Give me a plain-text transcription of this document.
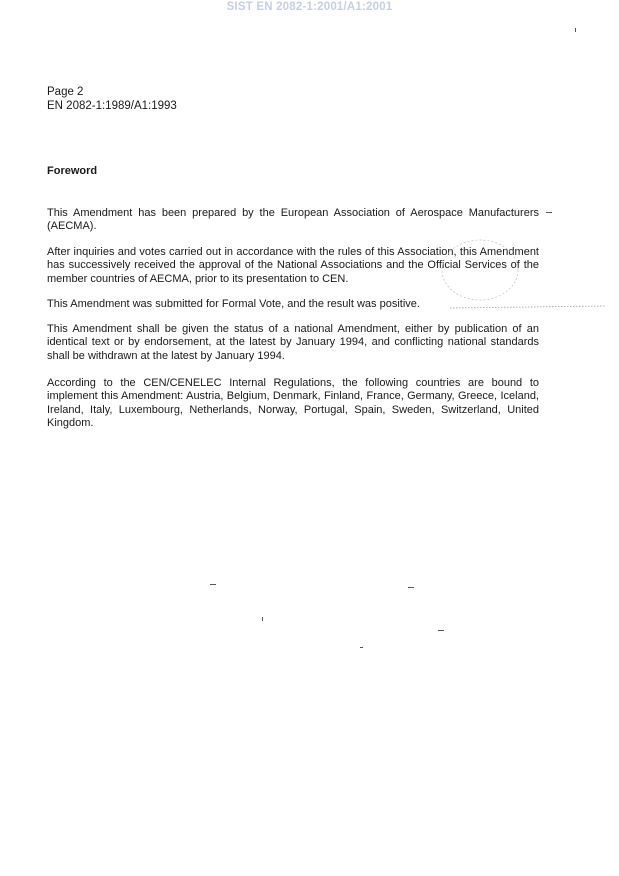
SIST EN 2082-1:2001/A1:2001
Page 2
EN 2082-1:1989/A1:1993
Foreword

This Amendment has been prepared by the European Association of Aerospace Manufacturers (AECMA).

After inquiries and votes carried out in accordance with the rules of this Association, this Amendment has successively received the approval of the National Associations and the Official Services of the member countries of AECMA, prior to its presentation to CEN.

This Amendment was submitted for Formal Vote, and the result was positive.

This Amendment shall be given the status of a national Amendment, either by publication of an identical text or by endorsement, at the latest by January 1994, and conflicting national standards shall be withdrawn at the latest by January 1994.

According to the CEN/CENELEC Internal Regulations, the following countries are bound to implement this Amendment: Austria, Belgium, Denmark, Finland, France, Germany, Greece, Iceland, Ireland, Italy, Luxembourg, Netherlands, Norway, Portugal, Spain, Sweden, Switzerland, United Kingdom.
